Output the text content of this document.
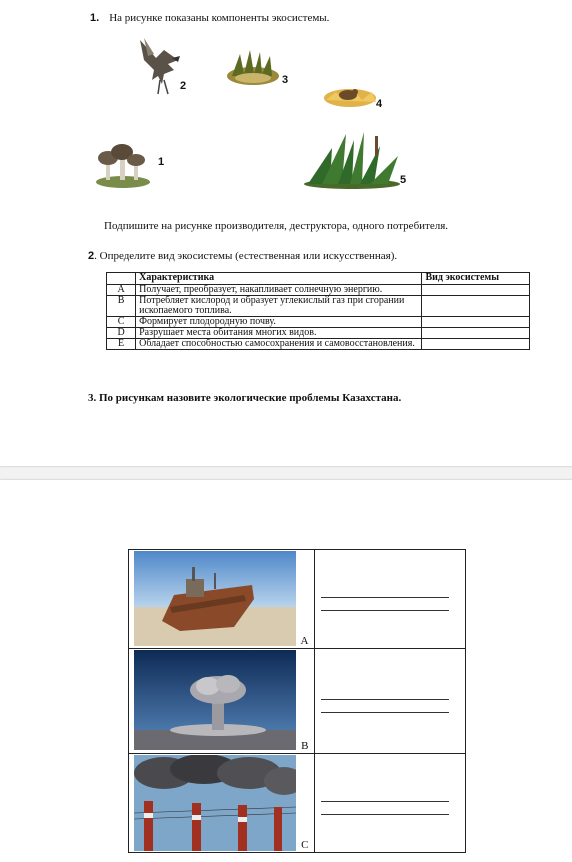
1. На рисунке показаны компоненты экосистемы.
2	3
4
1
5
Подпишите на рисунке производителя, деструктора, одного потребителя.
2. Определите вид экосистемы (естественная или искусственная).
	Характеристика	Вид экосистемы
A	Получает, преобразует, накапливает солнечную энергию.	
B	Потребляет кислород и образует углекислый газ при сгорании ископаемого топлива.	
C	Формирует плодородную почву.	
D	Разрушает места обитания многих видов.	
E	Обладает способностью самосохранения и самовосстановления.	
3. По рисункам назовите экологические проблемы Казахстана.
A	

B	

C	
